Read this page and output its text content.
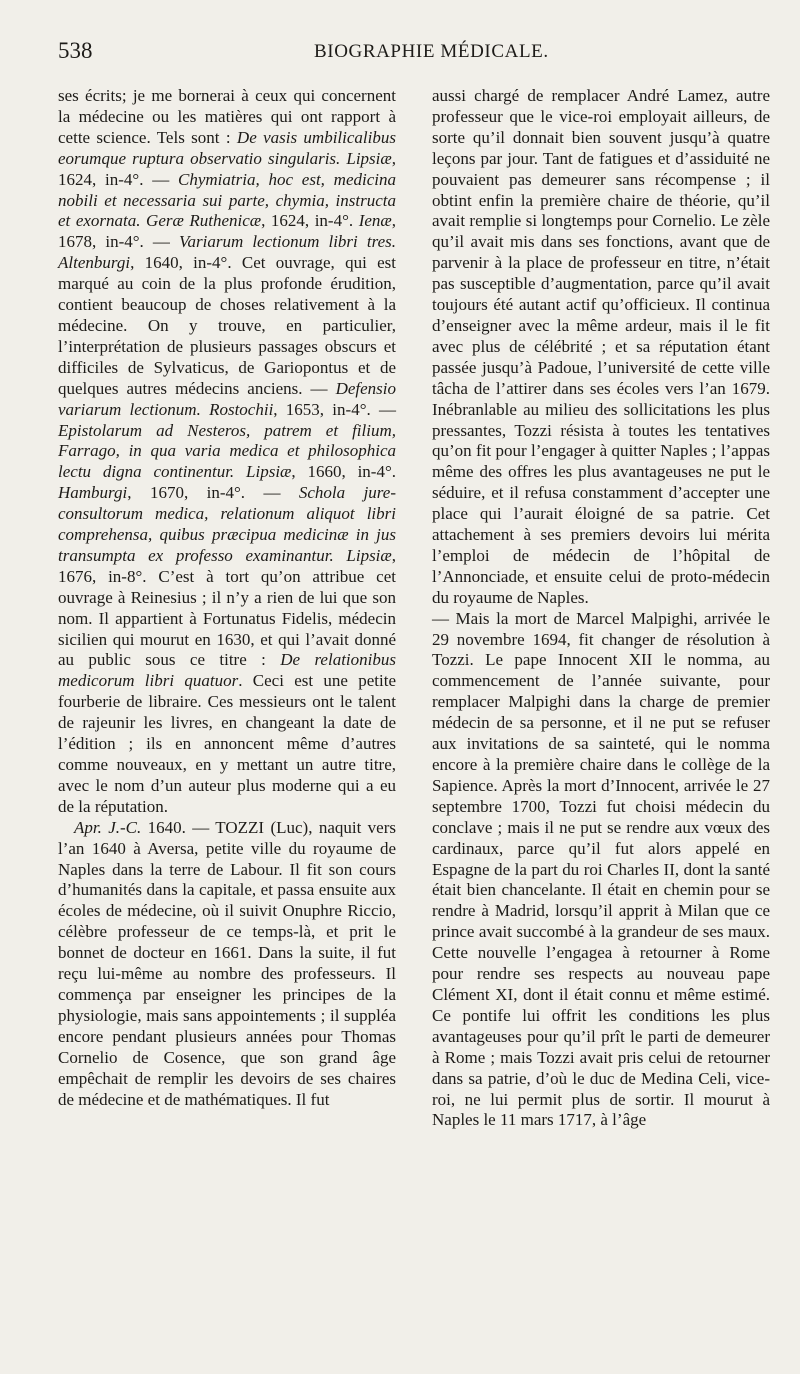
538	BIOGRAPHIE MÉDICALE.

ses écrits; je me bornerai à ceux qui concernent la médecine ou les matières qui ont rapport à cette science. Tels sont : De vasis umbilicalibus eorumque ruptura observatio singularis. Lipsiæ, 1624, in-4°. — Chymiatria, hoc est, medicina nobili et necessaria sui parte, chymia, instructa et exornata. Geræ Ruthenicæ, 1624, in-4°. Ienæ, 1678, in-4°. — Variarum lectionum libri tres. Altenburgi, 1640, in-4°. Cet ouvrage, qui est marqué au coin de la plus profonde érudition, contient beaucoup de choses relativement à la médecine. On y trouve, en particulier, l’interprétation de plusieurs passages obscurs et difficiles de Sylvaticus, de Gariopontus et de quelques autres médecins anciens. — Defensio variarum lectionum. Rostochii, 1653, in-4°. — Epistolarum ad Nesteros, patrem et filium, Farrago, in qua varia medica et philosophica lectu digna continentur. Lipsiæ, 1660, in-4°. Hamburgi, 1670, in-4°. — Schola jure-consultorum medica, relationum aliquot libri comprehensa, quibus præcipua medicinæ in jus transumpta ex professo examinantur. Lipsiæ, 1676, in-8°. C’est à tort qu’on attribue cet ouvrage à Reinesius ; il n’y a rien de lui que son nom. Il appartient à Fortunatus Fidelis, médecin sicilien qui mourut en 1630, et qui l’avait donné au public sous ce titre : De relationibus medicorum libri quatuor. Ceci est une petite fourberie de libraire. Ces messieurs ont le talent de rajeunir les livres, en changeant la date de l’édition ; ils en annoncent même d’autres comme nouveaux, en y mettant un autre titre, avec le nom d’un auteur plus moderne qui a eu de la réputation.

Apr. J.-C. 1640. — TOZZI (Luc), naquit vers l’an 1640 à Aversa, petite ville du royaume de Naples dans la terre de Labour. Il fit son cours d’humanités dans la capitale, et passa ensuite aux écoles de médecine, où il suivit Onuphre Riccio, célèbre professeur de ce temps-là, et prit le bonnet de docteur en 1661. Dans la suite, il fut reçu lui-même au nombre des professeurs. Il commença par enseigner les principes de la physiologie, mais sans appointements ; il suppléa encore pendant plusieurs années pour Thomas Cornelio de Cosence, que son grand âge empêchait de remplir les devoirs de ses chaires de médecine et de mathématiques. Il fut

aussi chargé de remplacer André Lamez, autre professeur que le vice-roi employait ailleurs, de sorte qu’il donnait bien souvent jusqu’à quatre leçons par jour. Tant de fatigues et d’assiduité ne pouvaient pas demeurer sans récompense ; il obtint enfin la première chaire de théorie, qu’il avait remplie si longtemps pour Cornelio. Le zèle qu’il avait mis dans ses fonctions, avant que de parvenir à la place de professeur en titre, n’était pas susceptible d’augmentation, parce qu’il avait toujours été autant actif qu’officieux. Il continua d’enseigner avec la même ardeur, mais il le fit avec plus de célébrité ; et sa réputation étant passée jusqu’à Padoue, l’université de cette ville tâcha de l’attirer dans ses écoles vers l’an 1679. Inébranlable au milieu des sollicitations les plus pressantes, Tozzi résista à toutes les tentatives qu’on fit pour l’engager à quitter Naples ; l’appas même des offres les plus avantageuses ne put le séduire, et il refusa constamment d’accepter une place qui l’aurait éloigné de sa patrie. Cet attachement à ses premiers devoirs lui mérita l’emploi de médecin de l’hôpital de l’Annonciade, et ensuite celui de proto-médecin du royaume de Naples.

— Mais la mort de Marcel Malpighi, arrivée le 29 novembre 1694, fit changer de résolution à Tozzi. Le pape Innocent XII le nomma, au commencement de l’année suivante, pour remplacer Malpighi dans la charge de premier médecin de sa personne, et il ne put se refuser aux invitations de sa sainteté, qui le nomma encore à la première chaire dans le collège de la Sapience. Après la mort d’Innocent, arrivée le 27 septembre 1700, Tozzi fut choisi médecin du conclave ; mais il ne put se rendre aux vœux des cardinaux, parce qu’il fut alors appelé en Espagne de la part du roi Charles II, dont la santé était bien chancelante. Il était en chemin pour se rendre à Madrid, lorsqu’il apprit à Milan que ce prince avait succombé à la grandeur de ses maux. Cette nouvelle l’engagea à retourner à Rome pour rendre ses respects au nouveau pape Clément XI, dont il était connu et même estimé. Ce pontife lui offrit les conditions les plus avantageuses pour qu’il prît le parti de demeurer à Rome ; mais Tozzi avait pris celui de retourner dans sa patrie, d’où le duc de Medina Celi, vice-roi, ne lui permit plus de sortir. Il mourut à Naples le 11 mars 1717, à l’âge
